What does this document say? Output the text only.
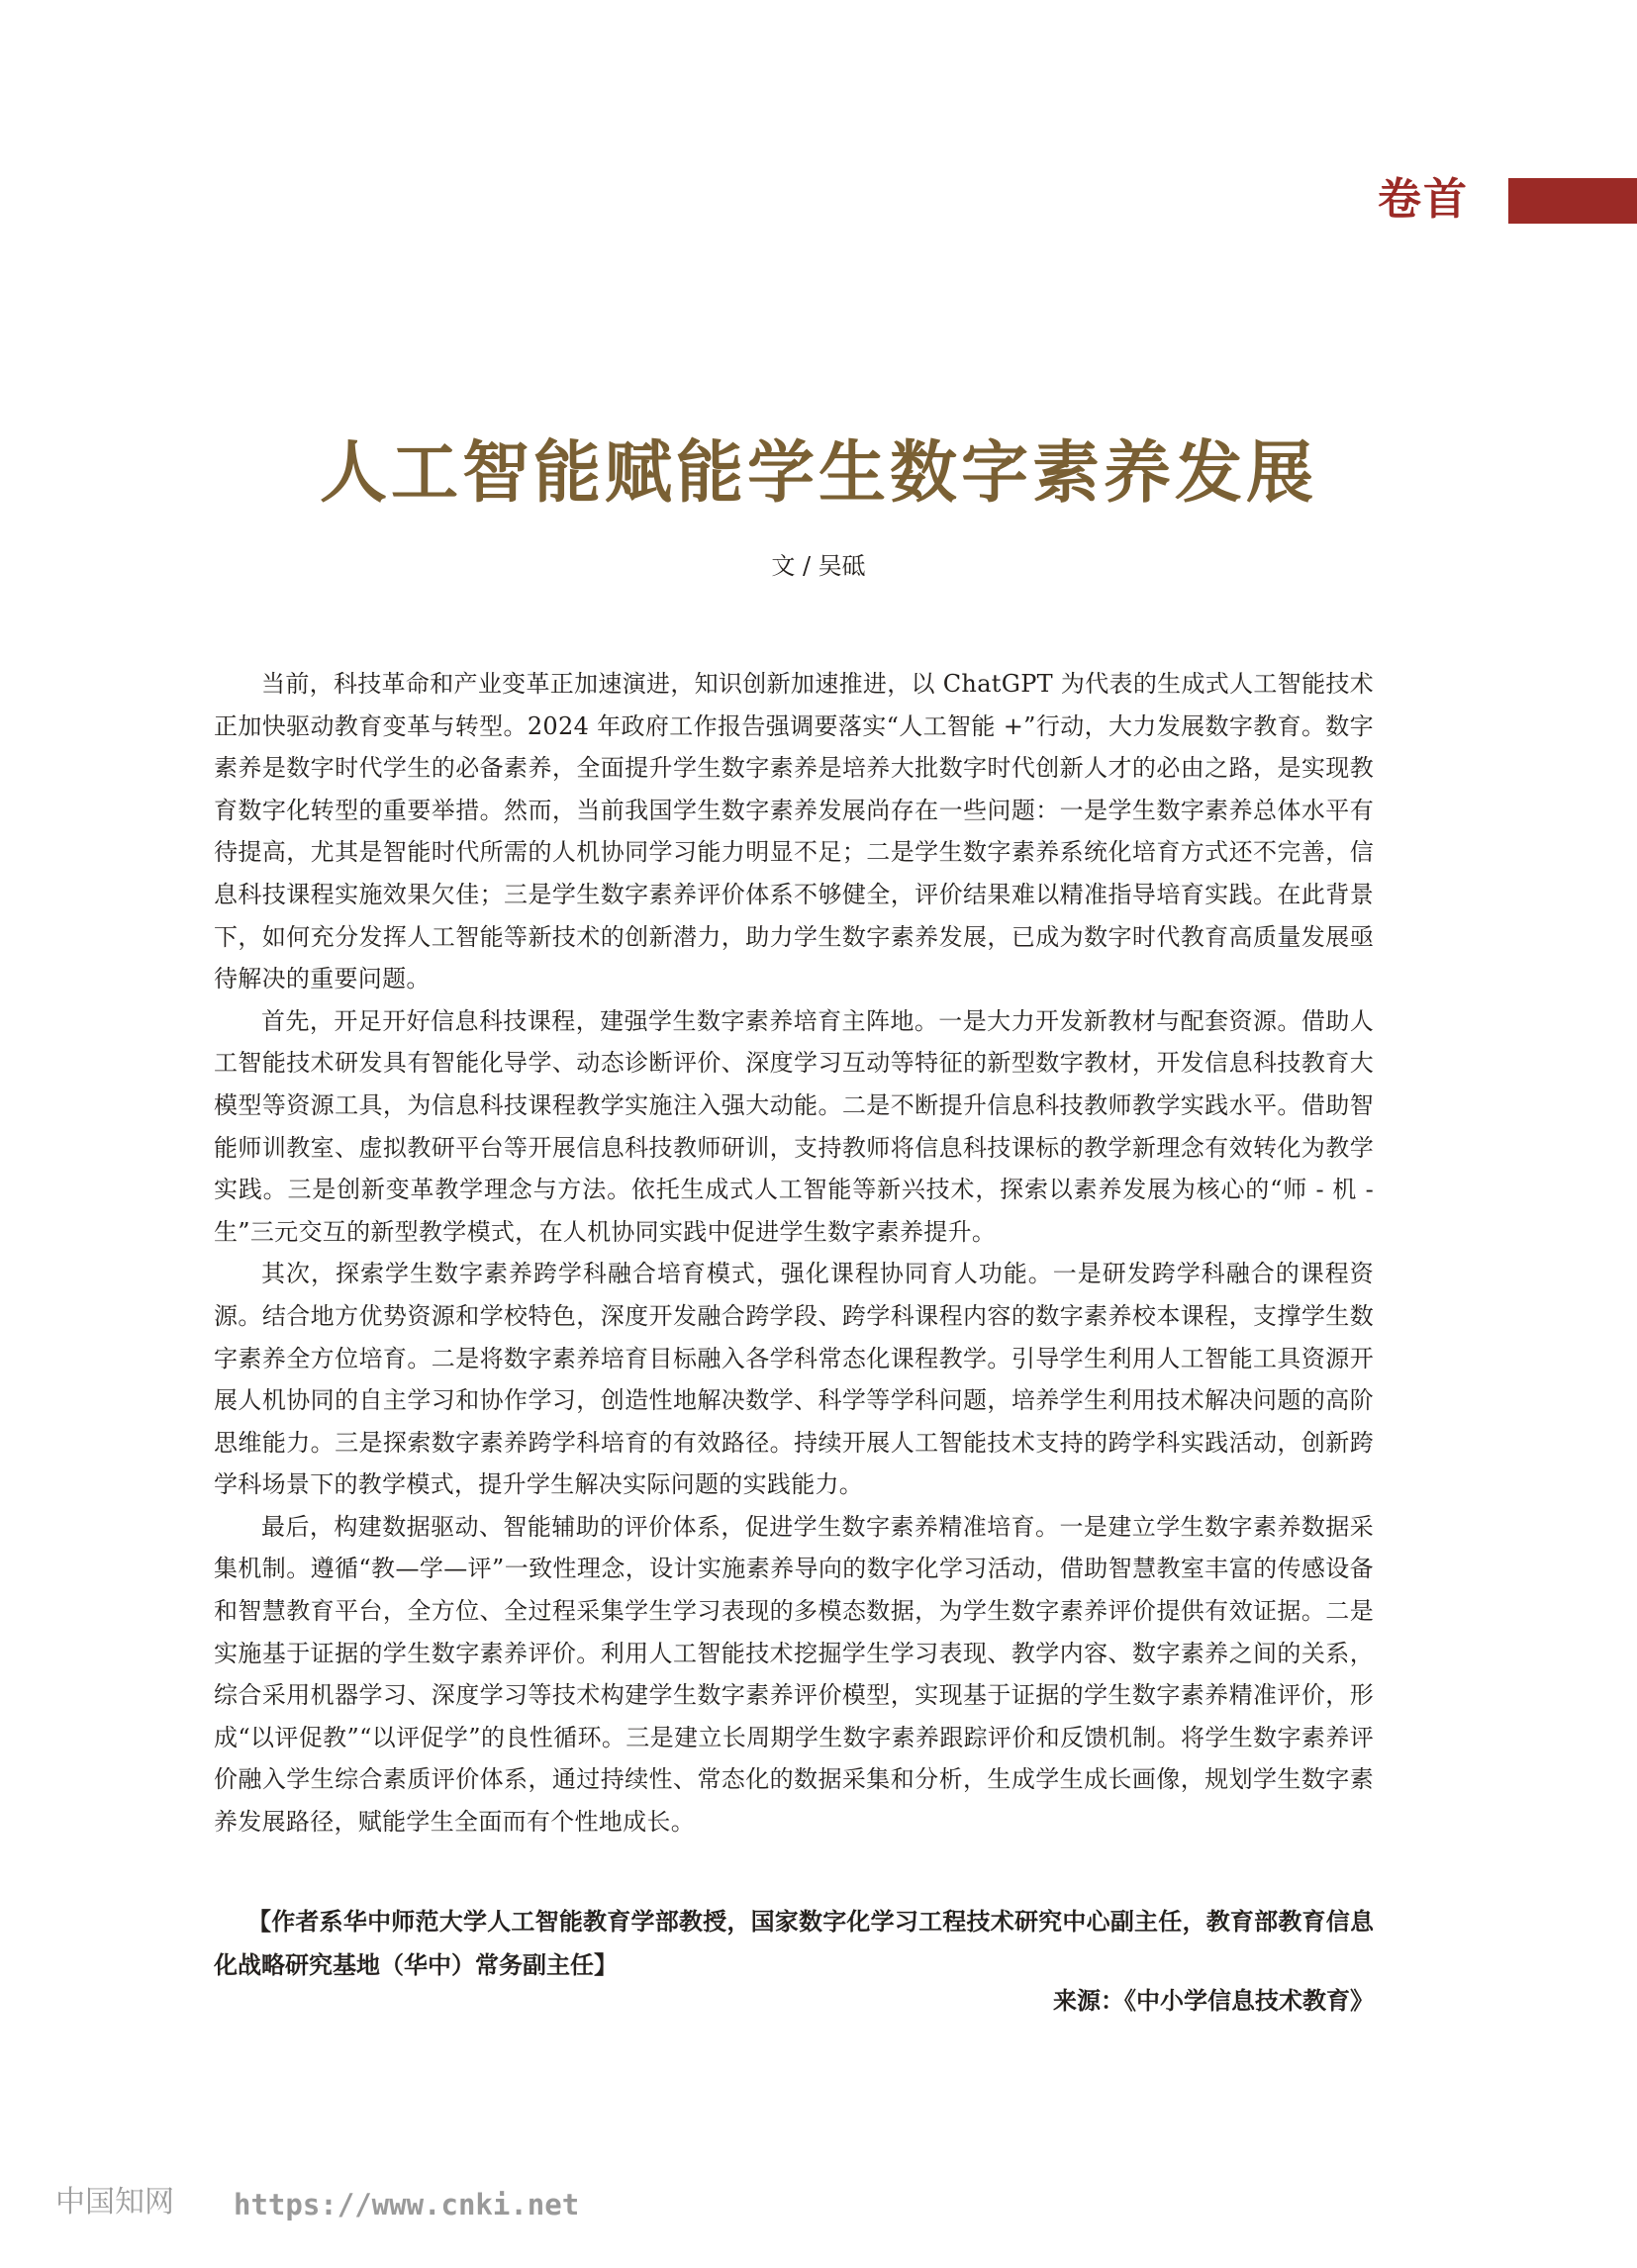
卷首
人工智能赋能学生数字素养发展
文 / 吴砥

当前，科技革命和产业变革正加速演进，知识创新加速推进，以 ChatGPT 为代表的生成式人工智能技术正加快驱动教育变革与转型。2024 年政府工作报告强调要落实“人工智能 +”行动，大力发展数字教育。数字素养是数字时代学生的必备素养，全面提升学生数字素养是培养大批数字时代创新人才的必由之路，是实现教育数字化转型的重要举措。然而，当前我国学生数字素养发展尚存在一些问题：一是学生数字素养总体水平有待提高，尤其是智能时代所需的人机协同学习能力明显不足；二是学生数字素养系统化培育方式还不完善，信息科技课程实施效果欠佳；三是学生数字素养评价体系不够健全，评价结果难以精准指导培育实践。在此背景下，如何充分发挥人工智能等新技术的创新潜力，助力学生数字素养发展，已成为数字时代教育高质量发展亟待解决的重要问题。

首先，开足开好信息科技课程，建强学生数字素养培育主阵地。一是大力开发新教材与配套资源。借助人工智能技术研发具有智能化导学、动态诊断评价、深度学习互动等特征的新型数字教材，开发信息科技教育大模型等资源工具，为信息科技课程教学实施注入强大动能。二是不断提升信息科技教师教学实践水平。借助智能师训教室、虚拟教研平台等开展信息科技教师研训，支持教师将信息科技课标的教学新理念有效转化为教学实践。三是创新变革教学理念与方法。依托生成式人工智能等新兴技术，探索以素养发展为核心的“师 - 机 - 生”三元交互的新型教学模式，在人机协同实践中促进学生数字素养提升。

其次，探索学生数字素养跨学科融合培育模式，强化课程协同育人功能。一是研发跨学科融合的课程资源。结合地方优势资源和学校特色，深度开发融合跨学段、跨学科课程内容的数字素养校本课程，支撑学生数字素养全方位培育。二是将数字素养培育目标融入各学科常态化课程教学。引导学生利用人工智能工具资源开展人机协同的自主学习和协作学习，创造性地解决数学、科学等学科问题，培养学生利用技术解决问题的高阶思维能力。三是探索数字素养跨学科培育的有效路径。持续开展人工智能技术支持的跨学科实践活动，创新跨学科场景下的教学模式，提升学生解决实际问题的实践能力。

最后，构建数据驱动、智能辅助的评价体系，促进学生数字素养精准培育。一是建立学生数字素养数据采集机制。遵循“教—学—评”一致性理念，设计实施素养导向的数字化学习活动，借助智慧教室丰富的传感设备和智慧教育平台，全方位、全过程采集学生学习表现的多模态数据，为学生数字素养评价提供有效证据。二是实施基于证据的学生数字素养评价。利用人工智能技术挖掘学生学习表现、教学内容、数字素养之间的关系，综合采用机器学习、深度学习等技术构建学生数字素养评价模型，实现基于证据的学生数字素养精准评价，形成“以评促教”“以评促学”的良性循环。三是建立长周期学生数字素养跟踪评价和反馈机制。将学生数字素养评价融入学生综合素质评价体系，通过持续性、常态化的数据采集和分析，生成学生成长画像，规划学生数字素养发展路径，赋能学生全面而有个性地成长。

【作者系华中师范大学人工智能教育学部教授，国家数字化学习工程技术研究中心副主任，教育部教育信息化战略研究基地（华中）常务副主任】
来源：《中小学信息技术教育》
中国知网 https://www.cnki.net
